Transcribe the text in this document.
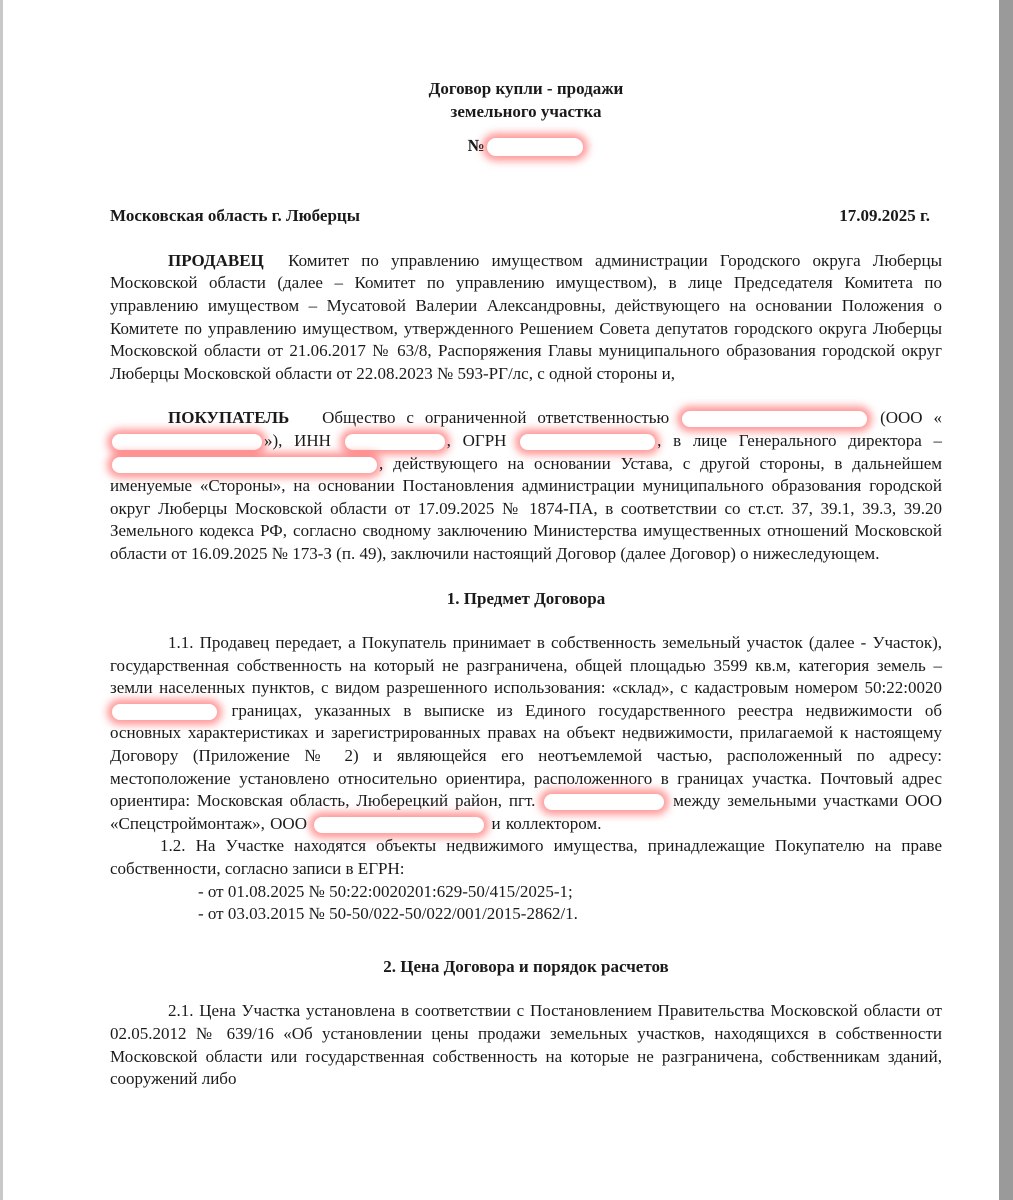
Договор купли - продажи

земельного участка

№
Московская область г. Люберцы	17.09.2025 г.

ПРОДАВЕЦ Комитет по управлению имуществом администрации Городского округа Люберцы Московской области (далее – Комитет по управлению имуществом), в лице Председателя Комитета по управлению имуществом – Мусатовой Валерии Александровны, действующего на основании Положения о Комитете по управлению имуществом, утвержденного Решением Совета депутатов городского округа Люберцы Московской области от 21.06.2017 № 63/8, Распоряжения Главы муниципального образования городской округ Люберцы Московской области от 22.08.2023 № 593-РГ/лс, с одной стороны и,

ПОКУПАТЕЛЬ Общество с ограниченной ответственностью	(ООО «»), ИНН	, ОГРН	, в лице Генерального директора – , действующего на основании Устава, с другой стороны, в дальнейшем именуемые «Стороны», на основании Постановления администрации муниципального образования городской округ Люберцы Московской области от 17.09.2025 № 1874-ПА, в соответствии со ст.ст. 37, 39.1, 39.3, 39.20 Земельного кодекса РФ, согласно сводному заключению Министерства имущественных отношений Московской области от 16.09.2025 № 173-З (п. 49), заключили настоящий Договор (далее Договор) о нижеследующем.

1. Предмет Договора

1.1. Продавец передает, а Покупатель принимает в собственность земельный участок (далее - Участок), государственная собственность на который не разграничена, общей площадью 3599 кв.м, категория земель – земли населенных пунктов, с видом разрешенного использования: «склад», с кадастровым номером 50:22:0020 границах, указанных в выписке из Единого государственного реестра недвижимости об основных характеристиках и зарегистрированных правах на объект недвижимости, прилагаемой к настоящему Договору (Приложение № 2) и являющейся его неотъемлемой частью, расположенный по адресу: местоположение установлено относительно ориентира, расположенного в границах участка. Почтовый адрес ориентира: Московская область, Люберецкий район, пгт.	между земельными участками ООО «Спецстроймонтаж», ООО	и коллектором.

1.2. На Участке находятся объекты недвижимого имущества, принадлежащие Покупателю на праве собственности, согласно записи в ЕГРН:

- от 01.08.2025 № 50:22:0020201:629-50/415/2025-1;

- от 03.03.2015 № 50-50/022-50/022/001/2015-2862/1.

2. Цена Договора и порядок расчетов

2.1. Цена Участка установлена в соответствии с Постановлением Правительства Московской области от 02.05.2012 № 639/16 «Об установлении цены продажи земельных участков, находящихся в собственности Московской области или государственная собственность на которые не разграничена, собственникам зданий, сооружений либо
